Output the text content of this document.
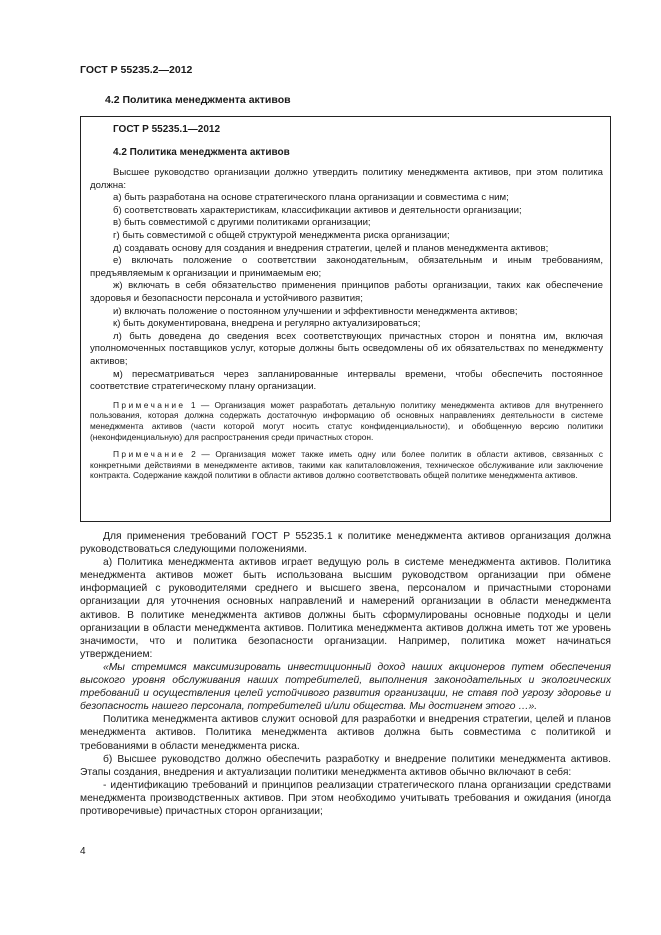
ГОСТ Р 55235.2—2012
4.2 Политика менеджмента активов
ГОСТ Р 55235.1—2012
4.2 Политика менеджмента активов

Высшее руководство организации должно утвердить политику менеджмента активов, при этом политика должна:

а) быть разработана на основе стратегического плана организации и совместима с ним;

б) соответствовать характеристикам, классификации активов и деятельности организации;

в) быть совместимой с другими политиками организации;

г) быть совместимой с общей структурой менеджмента риска организации;

д) создавать основу для создания и внедрения стратегии, целей и планов менеджмента активов;

е) включать положение о соответствии законодательным, обязательным и иным требованиям, предъявляемым к организации и принимаемым ею;

ж) включать в себя обязательство применения принципов работы организации, таких как обеспечение здоровья и безопасности персонала и устойчивого развития;

и) включать положение о постоянном улучшении и эффективности менеджмента активов;

к) быть документирована, внедрена и регулярно актуализироваться;

л) быть доведена до сведения всех соответствующих причастных сторон и понятна им, включая уполномоченных поставщиков услуг, которые должны быть осведомлены об их обязательствах по менеджменту активов;

м) пересматриваться через запланированные интервалы времени, чтобы обеспечить постоянное соответствие стратегическому плану организации.

Примечание 1 — Организация может разработать детальную политику менеджмента активов для внутреннего пользования, которая должна содержать достаточную информацию об основных направлениях деятельности в системе менеджмента активов (части которой могут носить статус конфиденциальности), и обобщенную версию политики (неконфиденциальную) для распространения среди причастных сторон.

Примечание 2 — Организация может также иметь одну или более политик в области активов, связанных с конкретными действиями в менеджменте активов, такими как капиталовложения, техническое обслуживание или заключение контракта. Содержание каждой политики в области активов должно соответствовать общей политике менеджмента активов.

Для применения требований ГОСТ Р 55235.1 к политике менеджмента активов организация должна руководствоваться следующими положениями.

а) Политика менеджмента активов играет ведущую роль в системе менеджмента активов. Политика менеджмента активов может быть использована высшим руководством организации при обмене информацией с руководителями среднего и высшего звена, персоналом и причастными сторонами организации для уточнения основных направлений и намерений организации в области менеджмента активов. В политике менеджмента активов должны быть сформулированы основные подходы и цели организации в области менеджмента активов. Политика менеджмента активов должна иметь тот же уровень значимости, что и политика безопасности организации. Например, политика может начинаться утверждением:

«Мы стремимся максимизировать инвестиционный доход наших акционеров путем обеспечения высокого уровня обслуживания наших потребителей, выполнения законодательных и экологических требований и осуществления целей устойчивого развития организации, не ставя под угрозу здоровье и безопасность нашего персонала, потребителей и/или общества. Мы достигнем этого …».

Политика менеджмента активов служит основой для разработки и внедрения стратегии, целей и планов менеджмента активов. Политика менеджмента активов должна быть совместима с политикой и требованиями в области менеджмента риска.

б) Высшее руководство должно обеспечить разработку и внедрение политики менеджмента активов. Этапы создания, внедрения и актуализации политики менеджмента активов обычно включают в себя:

- идентификацию требований и принципов реализации стратегического плана организации средствами менеджмента производственных активов. При этом необходимо учитывать требования и ожидания (иногда противоречивые) причастных сторон организации;

4
